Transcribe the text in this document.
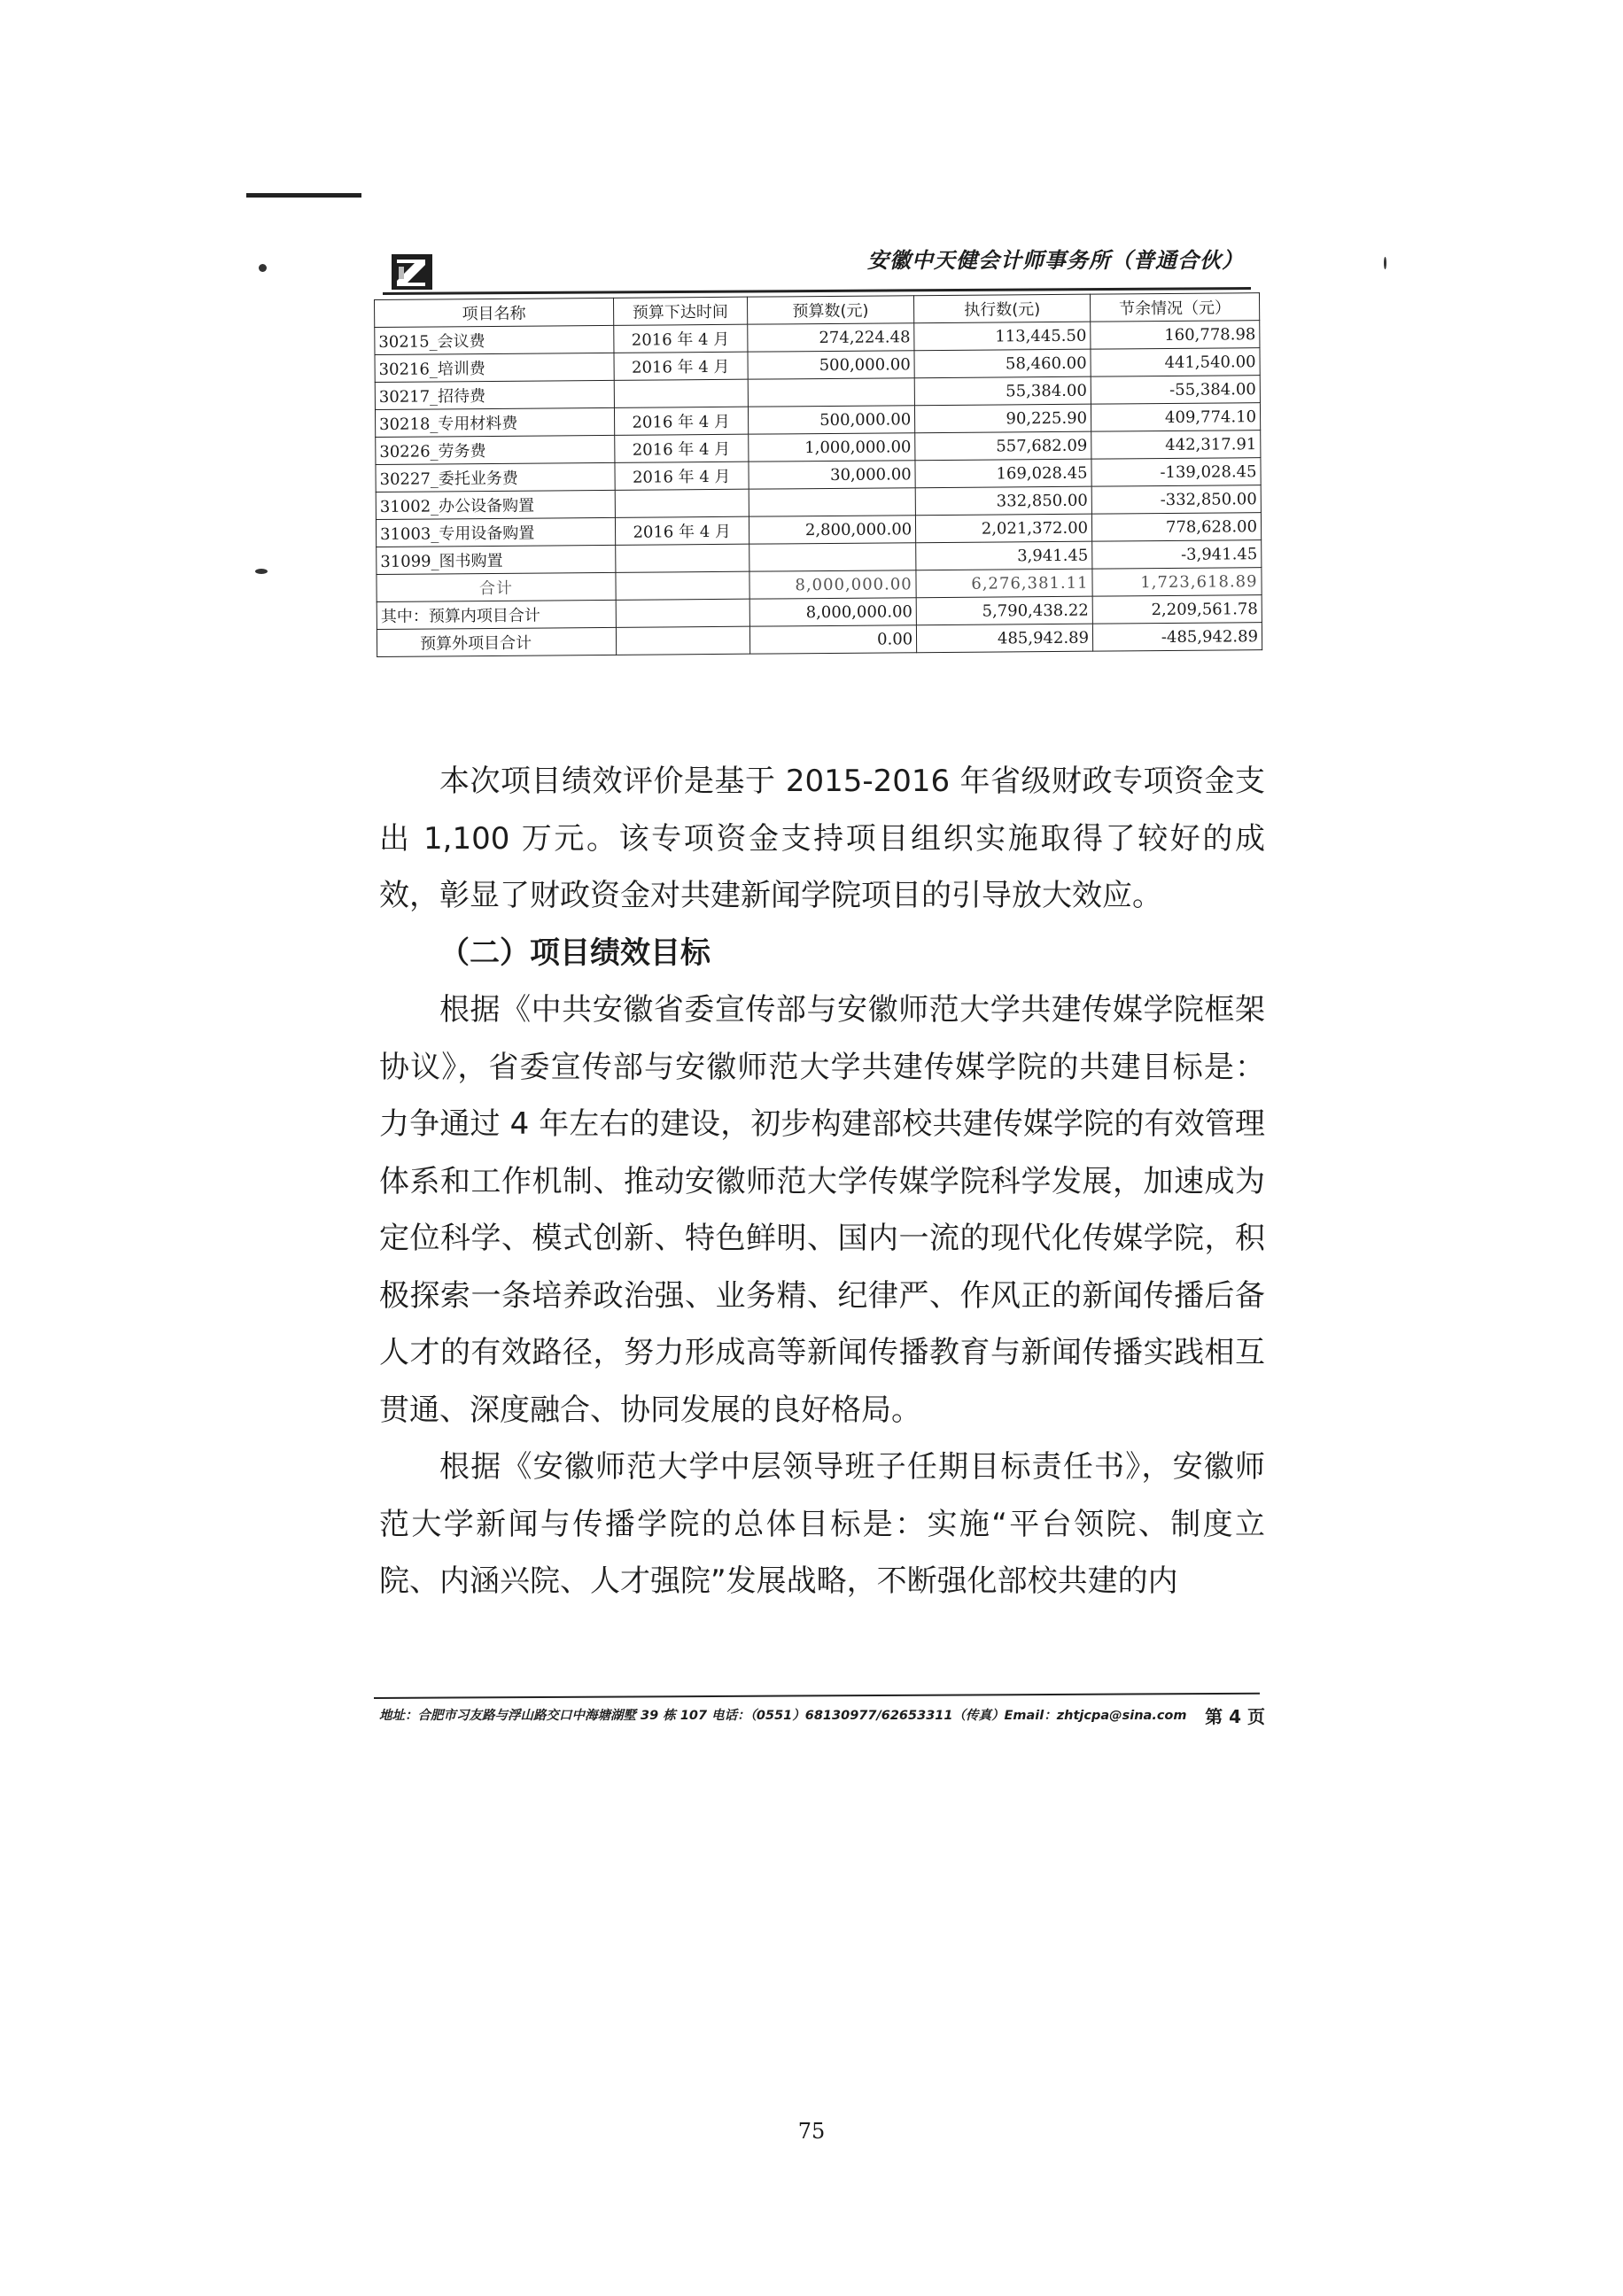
安徽中天健会计师事务所（普通合伙）
项目名称	预算下达时间	预算数(元)	执行数(元)	节余情况（元）
30215_会议费	2016 年 4 月	274,224.48	113,445.50	160,778.98
30216_培训费	2016 年 4 月	500,000.00	58,460.00	441,540.00
30217_招待费			55,384.00	-55,384.00
30218_专用材料费	2016 年 4 月	500,000.00	90,225.90	409,774.10
30226_劳务费	2016 年 4 月	1,000,000.00	557,682.09	442,317.91
30227_委托业务费	2016 年 4 月	30,000.00	169,028.45	-139,028.45
31002_办公设备购置			332,850.00	-332,850.00
31003_专用设备购置	2016 年 4 月	2,800,000.00	2,021,372.00	778,628.00
31099_图书购置			3,941.45	-3,941.45
合计		8,000,000.00	6,276,381.11	1,723,618.89
其中：预算内项目合计		8,000,000.00	5,790,438.22	2,209,561.78
预算外项目合计		0.00	485,942.89	-485,942.89

本次项目绩效评价是基于 2015-2016 年省级财政专项资金支出 1,100 万元。该专项资金支持项目组织实施取得了较好的成效，彰显了财政资金对共建新闻学院项目的引导放大效应。

（二）项目绩效目标

根据《中共安徽省委宣传部与安徽师范大学共建传媒学院框架协议》，省委宣传部与安徽师范大学共建传媒学院的共建目标是：力争通过 4 年左右的建设，初步构建部校共建传媒学院的有效管理体系和工作机制、推动安徽师范大学传媒学院科学发展，加速成为定位科学、模式创新、特色鲜明、国内一流的现代化传媒学院，积极探索一条培养政治强、业务精、纪律严、作风正的新闻传播后备人才的有效路径，努力形成高等新闻传播教育与新闻传播实践相互贯通、深度融合、协同发展的良好格局。

根据《安徽师范大学中层领导班子任期目标责任书》，安徽师范大学新闻与传播学院的总体目标是：实施“平台领院、制度立院、内涵兴院、人才强院”发展战略，不断强化部校共建的内

地址：合肥市习友路与浮山路交口中海塘湖墅 39 栋 107 电话：（0551）68130977/62653311（传真）Email：zhtjcpa@sina.com 第 4 页
75
